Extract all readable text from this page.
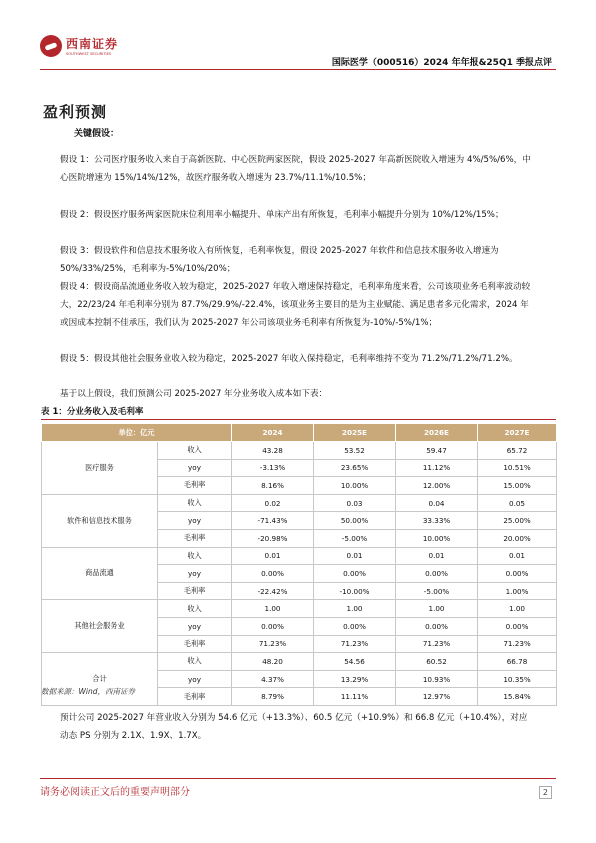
西南证券
SOUTHWEST SECURITIES
国际医学（000516）2024 年年报&25Q1 季报点评
盈利预测
关键假设：
假设 1：公司医疗服务收入来自于高新医院、中心医院两家医院，假设 2025-2027 年高新医院收入增速为 4%/5%/6%，中心医院增速为 15%/14%/12%，故医疗服务收入增速为 23.7%/11.1%/10.5%；
假设 2：假设医疗服务两家医院床位利用率小幅提升、单床产出有所恢复，毛利率小幅提升分别为 10%/12%/15%；
假设 3：假设软件和信息技术服务收入有所恢复，毛利率恢复，假设 2025-2027 年软件和信息技术服务收入增速为 50%/33%/25%，毛利率为-5%/10%/20%；
假设 4：假设商品流通业务收入较为稳定，2025-2027 年收入增速保持稳定，毛利率角度来看，公司该项业务毛利率波动较大，22/23/24 年毛利率分别为 87.7%/29.9%/-22.4%，该项业务主要目的是为主业赋能、满足患者多元化需求，2024 年或因成本控制不佳承压，我们认为 2025-2027 年公司该项业务毛利率有所恢复为-10%/-5%/1%；
假设 5：假设其他社会服务业收入较为稳定，2025-2027 年收入保持稳定，毛利率维持不变为 71.2%/71.2%/71.2%。
基于以上假设，我们预测公司 2025-2027 年分业务收入成本如下表：
表 1：分业务收入及毛利率
单位：亿元		2024	2025E	2026E	2027E
医疗服务	收入	43.28	53.52	59.47	65.72
	yoy	-3.13%	23.65%	11.12%	10.51%
	毛利率	8.16%	10.00%	12.00%	15.00%
软件和信息技术服务	收入	0.02	0.03	0.04	0.05
	yoy	-71.43%	50.00%	33.33%	25.00%
	毛利率	-20.98%	-5.00%	10.00%	20.00%
商品流通	收入	0.01	0.01	0.01	0.01
	yoy	0.00%	0.00%	0.00%	0.00%
	毛利率	-22.42%	-10.00%	-5.00%	1.00%
其他社会服务业	收入	1.00	1.00	1.00	1.00
	yoy	0.00%	0.00%	0.00%	0.00%
	毛利率	71.23%	71.23%	71.23%	71.23%
合计	收入	48.20	54.56	60.52	66.78
	yoy	4.37%	13.29%	10.93%	10.35%
	毛利率	8.79%	11.11%	12.97%	15.84%
数据来源：Wind，西南证券
预计公司 2025-2027 年营业收入分别为 54.6 亿元（+13.3%）、60.5 亿元（+10.9%）和 66.8 亿元（+10.4%），对应动态 PS 分别为 2.1X、1.9X、1.7X。
请务必阅读正文后的重要声明部分	2
